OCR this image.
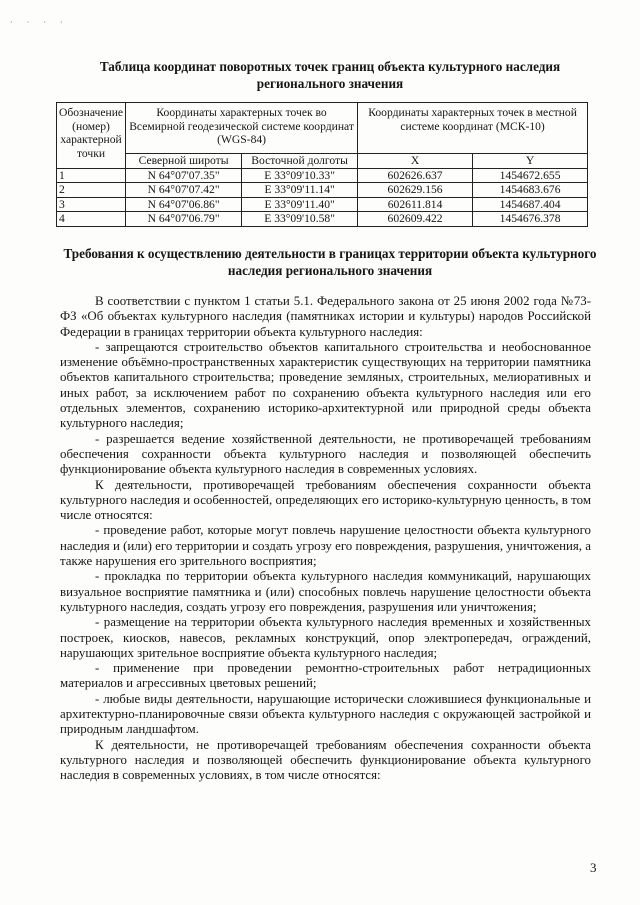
· · · ·
Таблица координат поворотных точек границ объекта культурного наследия регионального значения
Обозначение (номер) характерной точки	Координаты характерных точек во Всемирной геодезической системе координат (WGS-84)		Координаты характерных точек в местной системе координат (МСК-10)	
	Северной широты	Восточной долготы	X	Y
1	N 64°07'07.35"	E 33°09'10.33"	602626.637	1454672.655
2	N 64°07'07.42"	E 33°09'11.14"	602629.156	1454683.676
3	N 64°07'06.86"	E 33°09'11.40"	602611.814	1454687.404
4	N 64°07'06.79"	E 33°09'10.58"	602609.422	1454676.378
Требования к осуществлению деятельности в границах территории объекта культурного наследия регионального значения

В соответствии с пунктом 1 статьи 5.1. Федерального закона от 25 июня 2002 года №73-ФЗ «Об объектах культурного наследия (памятниках истории и культуры) народов Российской Федерации в границах территории объекта культурного наследия:

- запрещаются строительство объектов капитального строительства и необоснованное изменение объёмно-пространственных характеристик существующих на территории памятника объектов капитального строительства; проведение земляных, строительных, мелиоративных и иных работ, за исключением работ по сохранению объекта культурного наследия или его отдельных элементов, сохранению историко-архитектурной или природной среды объекта культурного наследия;

- разрешается ведение хозяйственной деятельности, не противоречащей требованиям обеспечения сохранности объекта культурного наследия и позволяющей обеспечить функционирование объекта культурного наследия в современных условиях.

К деятельности, противоречащей требованиям обеспечения сохранности объекта культурного наследия и особенностей, определяющих его историко-культурную ценность, в том числе относятся:

- проведение работ, которые могут повлечь нарушение целостности объекта культурного наследия и (или) его территории и создать угрозу его повреждения, разрушения, уничтожения, а также нарушения его зрительного восприятия;

- прокладка по территории объекта культурного наследия коммуникаций, нарушающих визуальное восприятие памятника и (или) способных повлечь нарушение целостности объекта культурного наследия, создать угрозу его повреждения, разрушения или уничтожения;

- размещение на территории объекта культурного наследия временных и хозяйственных построек, киосков, навесов, рекламных конструкций, опор электропередач, ограждений, нарушающих зрительное восприятие объекта культурного наследия;

- применение при проведении ремонтно-строительных работ нетрадиционных материалов и агрессивных цветовых решений;

- любые виды деятельности, нарушающие исторически сложившиеся функциональные и архитектурно-планировочные связи объекта культурного наследия с окружающей застройкой и природным ландшафтом.

К деятельности, не противоречащей требованиям обеспечения сохранности объекта культурного наследия и позволяющей обеспечить функционирование объекта культурного наследия в современных условиях, в том числе относятся:

3
